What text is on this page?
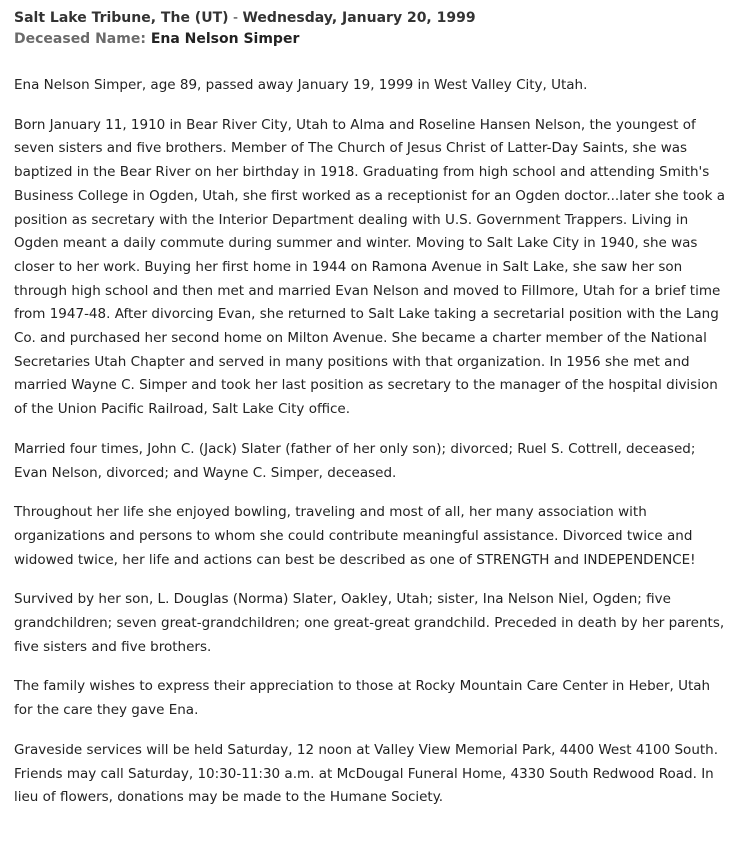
Salt Lake Tribune, The (UT) - Wednesday, January 20, 1999
Deceased Name: Ena Nelson Simper

Ena Nelson Simper, age 89, passed away January 19, 1999 in West Valley City, Utah.

Born January 11, 1910 in Bear River City, Utah to Alma and Roseline Hansen Nelson, the youngest of seven sisters and five brothers. Member of The Church of Jesus Christ of Latter-Day Saints, she was baptized in the Bear River on her birthday in 1918. Graduating from high school and attending Smith's Business College in Ogden, Utah, she first worked as a receptionist for an Ogden doctor...later she took a position as secretary with the Interior Department dealing with U.S. Government Trappers. Living in Ogden meant a daily commute during summer and winter. Moving to Salt Lake City in 1940, she was closer to her work. Buying her first home in 1944 on Ramona Avenue in Salt Lake, she saw her son through high school and then met and married Evan Nelson and moved to Fillmore, Utah for a brief time from 1947-48. After divorcing Evan, she returned to Salt Lake taking a secretarial position with the Lang Co. and purchased her second home on Milton Avenue. She became a charter member of the National Secretaries Utah Chapter and served in many positions with that organization. In 1956 she met and married Wayne C. Simper and took her last position as secretary to the manager of the hospital division of the Union Pacific Railroad, Salt Lake City office.

Married four times, John C. (Jack) Slater (father of her only son); divorced; Ruel S. Cottrell, deceased; Evan Nelson, divorced; and Wayne C. Simper, deceased.

Throughout her life she enjoyed bowling, traveling and most of all, her many association with organizations and persons to whom she could contribute meaningful assistance. Divorced twice and widowed twice, her life and actions can best be described as one of STRENGTH and INDEPENDENCE!

Survived by her son, L. Douglas (Norma) Slater, Oakley, Utah; sister, Ina Nelson Niel, Ogden; five grandchildren; seven great-grandchildren; one great-great grandchild. Preceded in death by her parents, five sisters and five brothers.

The family wishes to express their appreciation to those at Rocky Mountain Care Center in Heber, Utah for the care they gave Ena.

Graveside services will be held Saturday, 12 noon at Valley View Memorial Park, 4400 West 4100 South. Friends may call Saturday, 10:30-11:30 a.m. at McDougal Funeral Home, 4330 South Redwood Road. In lieu of flowers, donations may be made to the Humane Society.
